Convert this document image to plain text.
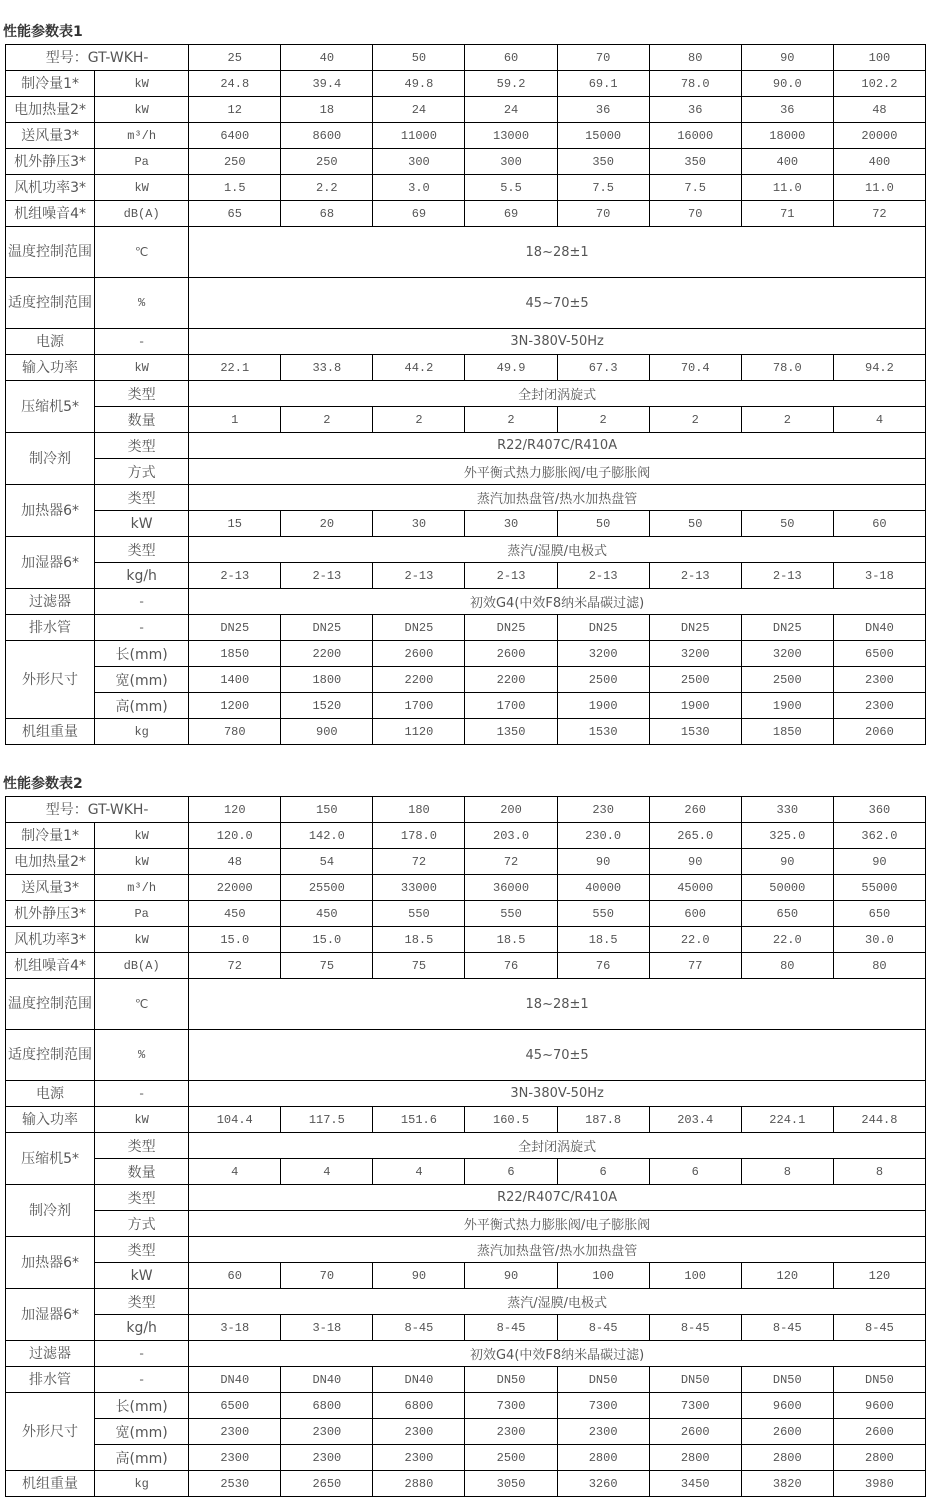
性能参数表1
型号：GT-WKH-		25	40	50	60	70	80	90	100
制冷量1*	kW	24.8	39.4	49.8	59.2	69.1	78.0	90.0	102.2
电加热量2*	kW	12	18	24	24	36	36	36	48
送风量3*	m³/h	6400	8600	11000	13000	15000	16000	18000	20000
机外静压3*	Pa	250	250	300	300	350	350	400	400
风机功率3*	kW	1.5	2.2	3.0	5.5	7.5	7.5	11.0	11.0
机组噪音4*	dB(A)	65	68	69	69	70	70	71	72
温度控制范围	℃	18~28±1							
适度控制范围	%	45~70±5							
电源	-	3N-380V-50Hz							
输入功率	kW	22.1	33.8	44.2	49.9	67.3	70.4	78.0	94.2
压缩机5*	类型	全封闭涡旋式							
	数量	1	2	2	2	2	2	2	4
制冷剂	类型	R22/R407C/R410A							
	方式	外平衡式热力膨胀阀/电子膨胀阀							
加热器6*	类型	蒸汽加热盘管/热水加热盘管							
	kW	15	20	30	30	50	50	50	60
加湿器6*	类型	蒸汽/湿膜/电极式							
	kg/h	2-13	2-13	2-13	2-13	2-13	2-13	2-13	3-18
过滤器	-	初效G4(中效F8纳米晶碳过滤)							
排水管	-	DN25	DN25	DN25	DN25	DN25	DN25	DN25	DN40
外形尺寸	长(mm)	1850	2200	2600	2600	3200	3200	3200	6500
	宽(mm)	1400	1800	2200	2200	2500	2500	2500	2300
	高(mm)	1200	1520	1700	1700	1900	1900	1900	2300
机组重量	kg	780	900	1120	1350	1530	1530	1850	2060
性能参数表2
型号：GT-WKH-		120	150	180	200	230	260	330	360
制冷量1*	kW	120.0	142.0	178.0	203.0	230.0	265.0	325.0	362.0
电加热量2*	kW	48	54	72	72	90	90	90	90
送风量3*	m³/h	22000	25500	33000	36000	40000	45000	50000	55000
机外静压3*	Pa	450	450	550	550	550	600	650	650
风机功率3*	kW	15.0	15.0	18.5	18.5	18.5	22.0	22.0	30.0
机组噪音4*	dB(A)	72	75	75	76	76	77	80	80
温度控制范围	℃	18~28±1							
适度控制范围	%	45~70±5							
电源	-	3N-380V-50Hz							
输入功率	kW	104.4	117.5	151.6	160.5	187.8	203.4	224.1	244.8
压缩机5*	类型	全封闭涡旋式							
	数量	4	4	4	6	6	6	8	8
制冷剂	类型	R22/R407C/R410A							
	方式	外平衡式热力膨胀阀/电子膨胀阀							
加热器6*	类型	蒸汽加热盘管/热水加热盘管							
	kW	60	70	90	90	100	100	120	120
加湿器6*	类型	蒸汽/湿膜/电极式							
	kg/h	3-18	3-18	8-45	8-45	8-45	8-45	8-45	8-45
过滤器	-	初效G4(中效F8纳米晶碳过滤)							
排水管	-	DN40	DN40	DN40	DN50	DN50	DN50	DN50	DN50
外形尺寸	长(mm)	6500	6800	6800	7300	7300	7300	9600	9600
	宽(mm)	2300	2300	2300	2300	2300	2600	2600	2600
	高(mm)	2300	2300	2300	2500	2800	2800	2800	2800
机组重量	kg	2530	2650	2880	3050	3260	3450	3820	3980
